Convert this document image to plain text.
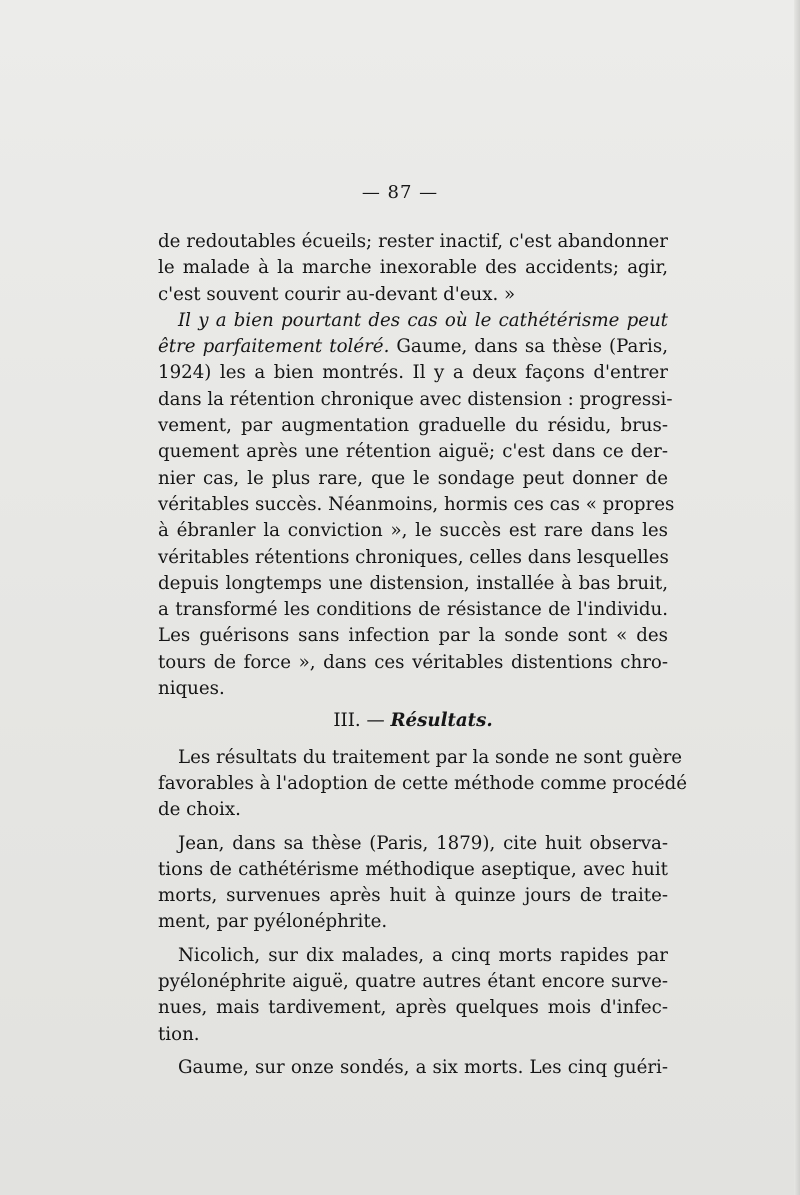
— 87 —

de redoutables écueils; rester inactif, c'est abandonner
le malade à la marche inexorable des accidents; agir,
c'est souvent courir au-devant d'eux. »

Il y a bien pourtant des cas où le cathétérisme peut
être parfaitement toléré. Gaume, dans sa thèse (Paris,
1924) les a bien montrés. Il y a deux façons d'entrer
dans la rétention chronique avec distension : progressi-
vement, par augmentation graduelle du résidu, brus-
quement après une rétention aiguë; c'est dans ce der-
nier cas, le plus rare, que le sondage peut donner de
véritables succès. Néanmoins, hormis ces cas « propres
à ébranler la conviction », le succès est rare dans les
véritables rétentions chroniques, celles dans lesquelles
depuis longtemps une distension, installée à bas bruit,
a transformé les conditions de résistance de l'individu.
Les guérisons sans infection par la sonde sont « des
tours de force », dans ces véritables distentions chro-
niques.

III. — Résultats.

Les résultats du traitement par la sonde ne sont guère
favorables à l'adoption de cette méthode comme procédé
de choix.

Jean, dans sa thèse (Paris, 1879), cite huit observa-
tions de cathétérisme méthodique aseptique, avec huit
morts, survenues après huit à quinze jours de traite-
ment, par pyélonéphrite.

Nicolich, sur dix malades, a cinq morts rapides par
pyélonéphrite aiguë, quatre autres étant encore surve-
nues, mais tardivement, après quelques mois d'infec-
tion.

Gaume, sur onze sondés, a six morts. Les cinq guéri-
